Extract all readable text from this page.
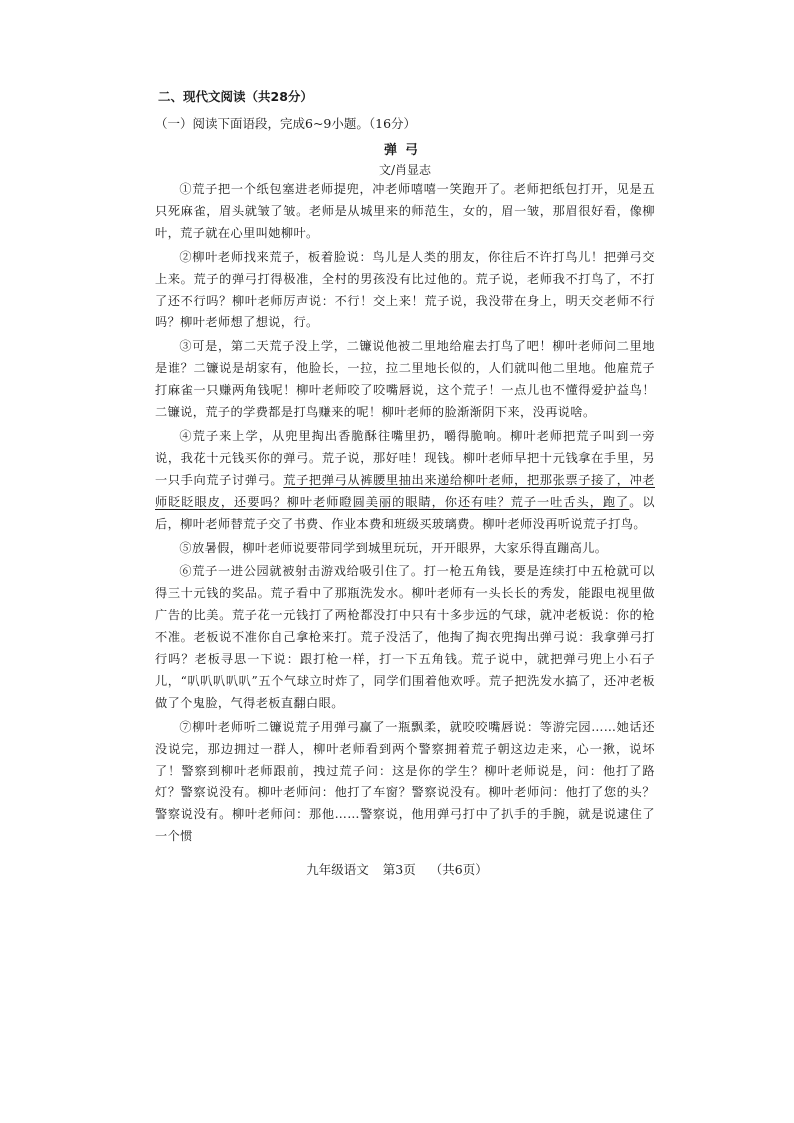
二、现代文阅读（共28分）
（一）阅读下面语段，完成6~9小题。（16分）
弹弓
文/肖显志

①荒子把一个纸包塞进老师提兜，冲老师嘻嘻一笑跑开了。老师把纸包打开，见是五只死麻雀，眉头就皱了皱。老师是从城里来的师范生，女的，眉一皱，那眉很好看，像柳叶，荒子就在心里叫她柳叶。

②柳叶老师找来荒子，板着脸说：鸟儿是人类的朋友，你往后不许打鸟儿！把弹弓交上来。荒子的弹弓打得极准，全村的男孩没有比过他的。荒子说，老师我不打鸟了，不打了还不行吗？柳叶老师厉声说：不行！交上来！荒子说，我没带在身上，明天交老师不行吗？柳叶老师想了想说，行。

③可是，第二天荒子没上学，二镰说他被二里地给雇去打鸟了吧！柳叶老师问二里地是谁？二镰说是胡家有，他脸长，一拉，拉二里地长似的，人们就叫他二里地。他雇荒子打麻雀一只赚两角钱呢！柳叶老师咬了咬嘴唇说，这个荒子！一点儿也不懂得爱护益鸟！二镰说，荒子的学费都是打鸟赚来的呢！柳叶老师的脸渐渐阴下来，没再说啥。

④荒子来上学，从兜里掏出香脆酥往嘴里扔，嚼得脆响。柳叶老师把荒子叫到一旁说，我花十元钱买你的弹弓。荒子说，那好哇！现钱。柳叶老师早把十元钱拿在手里，另一只手向荒子讨弹弓。荒子把弹弓从裤腰里抽出来递给柳叶老师，把那张票子接了，冲老师眨眨眼皮，还要吗？柳叶老师瞪圆美丽的眼睛，你还有哇？荒子一吐舌头，跑了。以后，柳叶老师替荒子交了书费、作业本费和班级买玻璃费。柳叶老师没再听说荒子打鸟。

⑤放暑假，柳叶老师说要带同学到城里玩玩，开开眼界，大家乐得直蹦高儿。

⑥荒子一进公园就被射击游戏给吸引住了。打一枪五角钱，要是连续打中五枪就可以得三十元钱的奖品。荒子看中了那瓶洗发水。柳叶老师有一头长长的秀发，能跟电视里做广告的比美。荒子花一元钱打了两枪都没打中只有十多步远的气球，就冲老板说：你的枪不准。老板说不准你自己拿枪来打。荒子没活了，他掏了掏衣兜掏出弹弓说：我拿弹弓打行吗？老板寻思一下说：跟打枪一样，打一下五角钱。荒子说中，就把弹弓兜上小石子儿，“叭叭叭叭叭”五个气球立时炸了，同学们围着他欢呼。荒子把洗发水搞了，还冲老板做了个鬼脸，气得老板直翻白眼。

⑦柳叶老师听二镰说荒子用弹弓赢了一瓶飘柔，就咬咬嘴唇说：等游完园……她话还没说完，那边拥过一群人，柳叶老师看到两个警察拥着荒子朝这边走来，心一揪，说坏了！警察到柳叶老师跟前，拽过荒子问：这是你的学生？柳叶老师说是，问：他打了路灯？警察说没有。柳叶老师问：他打了车窗？警察说没有。柳叶老师问：他打了您的头？警察说没有。柳叶老师问：那他……警察说，他用弹弓打中了扒手的手腕，就是说逮住了一个惯

九年级语文 第3页 （共6页）
